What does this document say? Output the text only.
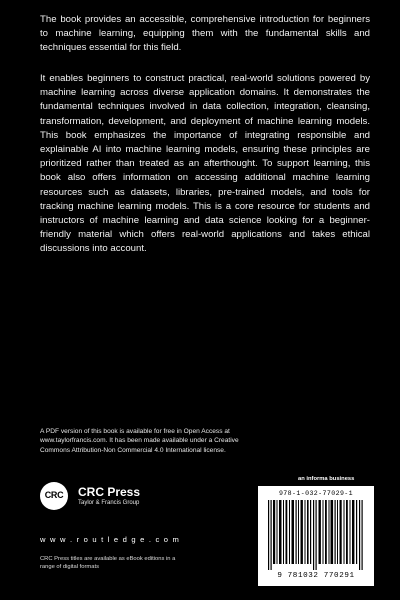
The book provides an accessible, comprehensive introduction for beginners to machine learning, equipping them with the fundamental skills and techniques essential for this field.

It enables beginners to construct practical, real-world solutions powered by machine learning across diverse application domains. It demonstrates the fundamental techniques involved in data collection, integration, cleansing, transformation, development, and deployment of machine learning models. This book emphasizes the importance of integrating responsible and explainable AI into machine learning models, ensuring these principles are prioritized rather than treated as an afterthought. To support learning, this book also offers information on accessing additional machine learning resources such as datasets, libraries, pre-trained models, and tools for tracking machine learning models. This is a core resource for students and instructors of machine learning and data science looking for a beginner-friendly material which offers real-world applications and takes ethical discussions into account.

A PDF version of this book is available for free in Open Access at www.taylorfrancis.com. It has been made available under a Creative Commons Attribution-Non Commercial 4.0 International license.

an informa business
CRC CRC Press
Taylor & Francis Group

w w w . r o u t l e d g e . c o m

CRC Press titles are available as eBook editions in a range of digital formats

978-1-032-77029-1
9 781032 770291
